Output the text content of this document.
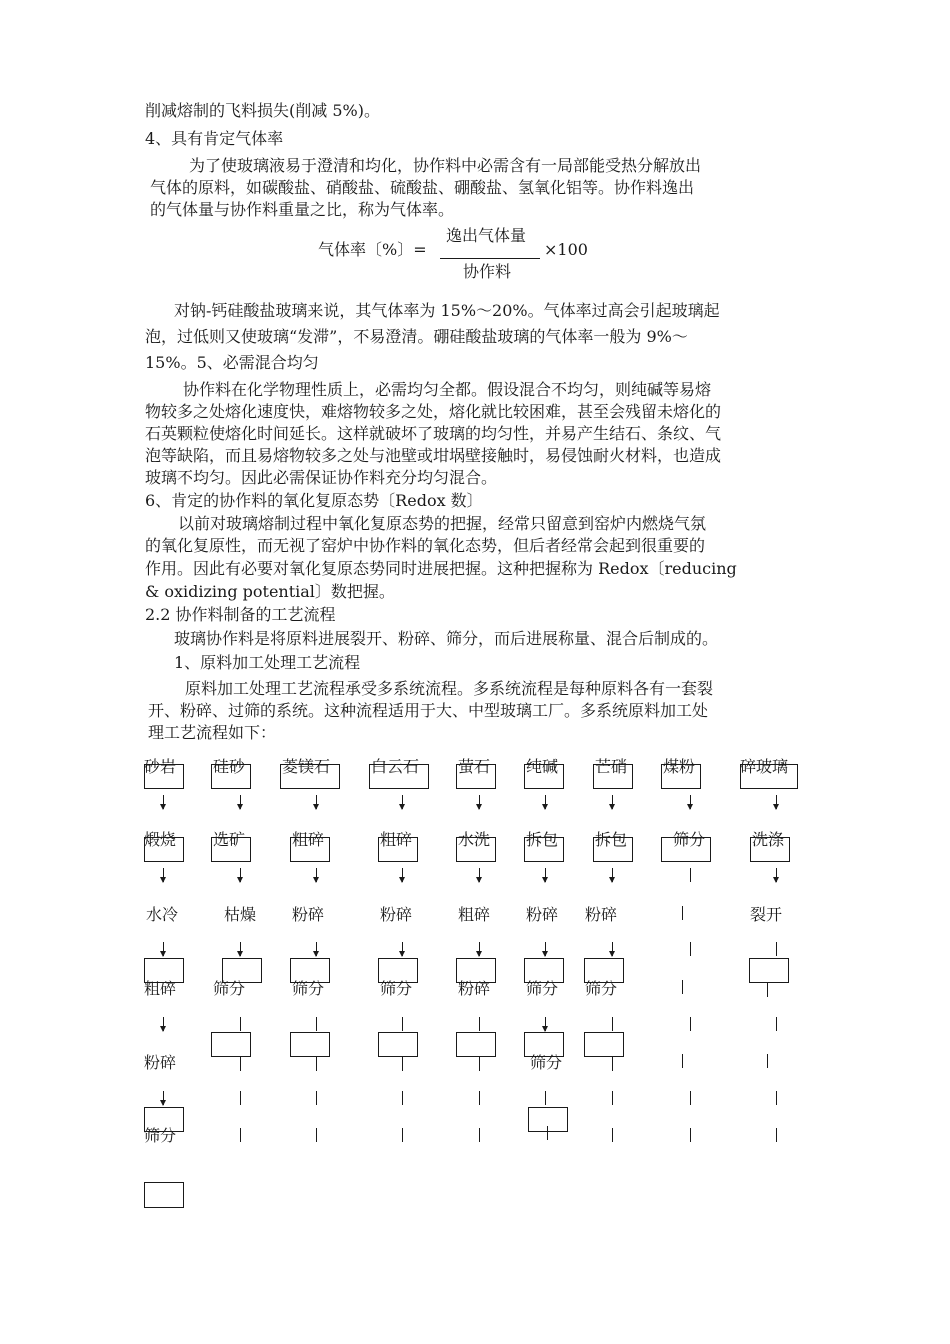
削减熔制的飞料损失(削减 5%)。
4、具有肯定气体率
为了使玻璃液易于澄清和均化，协作料中必需含有一局部能受热分解放出
气体的原料，如碳酸盐、硝酸盐、硫酸盐、硼酸盐、氢氧化铝等。协作料逸出
的气体量与协作料重量之比，称为气体率。
气体率〔%〕=
逸出气体量
协作料
×100
对钠-钙硅酸盐玻璃来说，其气体率为 15%～20%。气体率过高会引起玻璃起
泡，过低则又使玻璃“发滞”，不易澄清。硼硅酸盐玻璃的气体率一般为 9%～
15%。5、必需混合均匀
协作料在化学物理性质上，必需均匀全都。假设混合不均匀，则纯碱等易熔
物较多之处熔化速度快，难熔物较多之处，熔化就比较困难，甚至会残留未熔化的
石英颗粒使熔化时间延长。这样就破坏了玻璃的均匀性，并易产生结石、条纹、气
泡等缺陷，而且易熔物较多之处与池壁或坩埚壁接触时，易侵蚀耐火材料，也造成
玻璃不均匀。因此必需保证协作料充分均匀混合。
6、肯定的协作料的氧化复原态势〔Redox 数〕
以前对玻璃熔制过程中氧化复原态势的把握，经常只留意到窑炉内燃烧气氛
的氧化复原性，而无视了窑炉中协作料的氧化态势，但后者经常会起到很重要的
作用。因此有必要对氧化复原态势同时进展把握。这种把握称为 Redox〔reducing
& oxidizing potential〕数把握。
2.2 协作料制备的工艺流程
玻璃协作料是将原料进展裂开、粉碎、筛分，而后进展称量、混合后制成的。
1、原料加工处理工艺流程
原料加工处理工艺流程承受多系统流程。多系统流程是每种原料各有一套裂
开、粉碎、过筛的系统。这种流程适用于大、中型玻璃工厂。多系统原料加工处
理工艺流程如下：
砂岩 硅砂 菱镁石	白云石 萤石 纯碱 芒硝 煤粉	碎玻璃
煅烧 选矿	粗碎	粗碎	水洗 拆包 拆包	筛分	洗涤
水冷	枯燥 粉碎	粉碎	粗碎 粉碎 粉碎	裂开
粗碎 筛分	筛分	筛分	粉碎 筛分 筛分
粉碎	筛分
筛分
